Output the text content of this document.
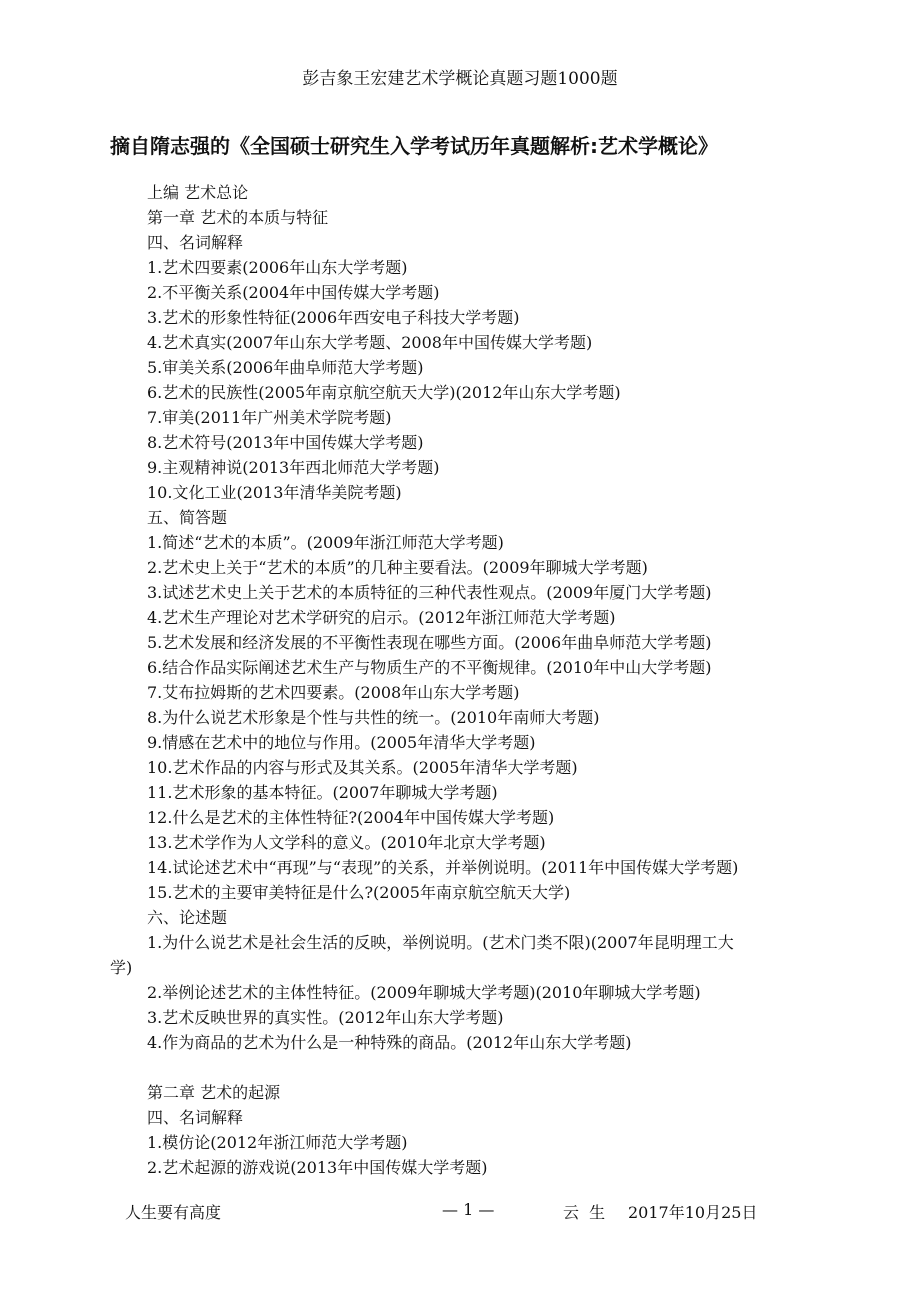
彭吉象王宏建艺术学概论真题习题1000题
摘自隋志强的《全国硕士研究生入学考试历年真题解析:艺术学概论》
上编 艺术总论
第一章 艺术的本质与特征
四、名词解释
1.艺术四要素(2006年山东大学考题)
2.不平衡关系(2004年中国传媒大学考题)
3.艺术的形象性特征(2006年西安电子科技大学考题)
4.艺术真实(2007年山东大学考题、2008年中国传媒大学考题)
5.审美关系(2006年曲阜师范大学考题)
6.艺术的民族性(2005年南京航空航天大学)(2012年山东大学考题)
7.审美(2011年广州美术学院考题)
8.艺术符号(2013年中国传媒大学考题)
9.主观精神说(2013年西北师范大学考题)
10.文化工业(2013年清华美院考题)
五、简答题
1.简述“艺术的本质”。(2009年浙江师范大学考题)
2.艺术史上关于“艺术的本质”的几种主要看法。(2009年聊城大学考题)
3.试述艺术史上关于艺术的本质特征的三种代表性观点。(2009年厦门大学考题)
4.艺术生产理论对艺术学研究的启示。(2012年浙江师范大学考题)
5.艺术发展和经济发展的不平衡性表现在哪些方面。(2006年曲阜师范大学考题)
6.结合作品实际阐述艺术生产与物质生产的不平衡规律。(2010年中山大学考题)
7.艾布拉姆斯的艺术四要素。(2008年山东大学考题)
8.为什么说艺术形象是个性与共性的统一。(2010年南师大考题)
9.情感在艺术中的地位与作用。(2005年清华大学考题)
10.艺术作品的内容与形式及其关系。(2005年清华大学考题)
11.艺术形象的基本特征。(2007年聊城大学考题)
12.什么是艺术的主体性特征?(2004年中国传媒大学考题)
13.艺术学作为人文学科的意义。(2010年北京大学考题)
14.试论述艺术中“再现”与“表现”的关系，并举例说明。(2011年中国传媒大学考题)
15.艺术的主要审美特征是什么?(2005年南京航空航天大学)
六、论述题
1.为什么说艺术是社会生活的反映，举例说明。(艺术门类不限)(2007年昆明理工大
学)
2.举例论述艺术的主体性特征。(2009年聊城大学考题)(2010年聊城大学考题)
3.艺术反映世界的真实性。(2012年山东大学考题)
4.作为商品的艺术为什么是一种特殊的商品。(2012年山东大学考题)
第二章 艺术的起源
四、名词解释
1.模仿论(2012年浙江师范大学考题)
2.艺术起源的游戏说(2013年中国传媒大学考题)
人生要有高度	— 1 —	云  生 2017年10月25日
